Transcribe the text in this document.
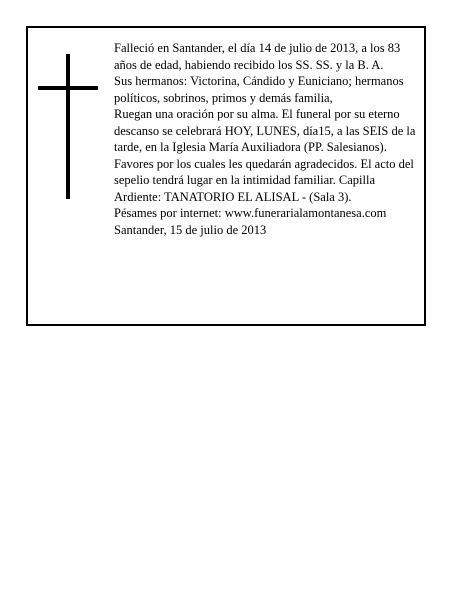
Falleció en Santander, el día 14 de julio de 2013, a los 83 años de edad, habiendo recibido los SS. SS. y la B. A.

Sus hermanos: Victorina, Cándido y Euniciano; hermanos políticos, sobrinos, primos y demás familia,

Ruegan una oración por su alma. El funeral por su eterno descanso se celebrará HOY, LUNES, día15, a las SEIS de la tarde, en la Iglesia María Auxiliadora (PP. Salesianos). Favores por los cuales les quedarán agradecidos. El acto del sepelio tendrá lugar en la intimidad familiar. Capilla Ardiente: TANATORIO EL ALISAL - (Sala 3).

Pésames por internet: www.funerarialamontanesa.com

Santander, 15 de julio de 2013
